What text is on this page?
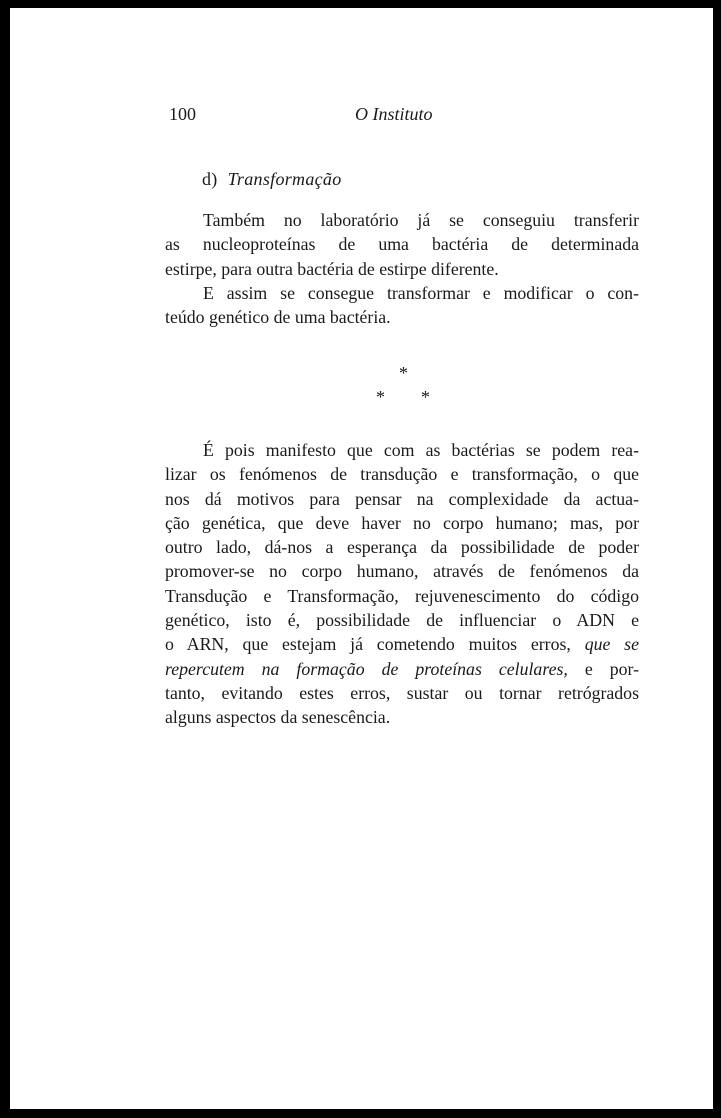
100	O Instituto
d) Transformação
Também no laboratório já se conseguiu transferir
as nucleoproteínas de uma bactéria de determinada
estirpe, para outra bactéria de estirpe diferente.
E assim se consegue transformar e modificar o con-
teúdo genético de uma bactéria.
*
* *
É pois manifesto que com as bactérias se podem rea-
lizar os fenómenos de transdução e transformação, o que
nos dá motivos para pensar na complexidade da actua-
ção genética, que deve haver no corpo humano; mas, por
outro lado, dá-nos a esperança da possibilidade de poder
promover-se no corpo humano, através de fenómenos da
Transdução e Transformação, rejuvenescimento do código
genético, isto é, possibilidade de influenciar o ADN e
o ARN, que estejam já cometendo muitos erros, que se
repercutem na formação de proteínas celulares, e por-
tanto, evitando estes erros, sustar ou tornar retrógrados
alguns aspectos da senescência.
